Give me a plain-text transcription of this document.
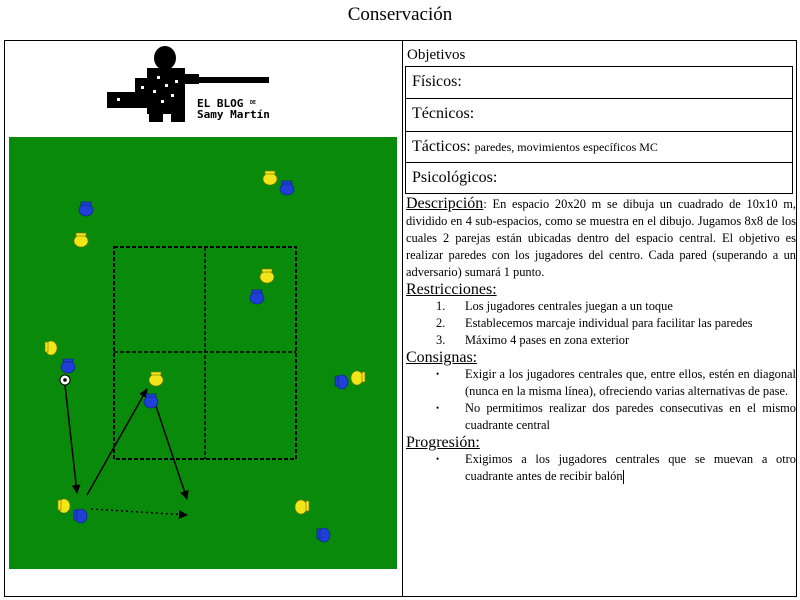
Conservación
EL BLOG $^{DE}$
Samy Martín
Objetivos
Físicos:
Técnicos:
Tácticos: paredes, movimientos específicos MC
Psicológicos:
Descripción: En espacio 20x20 m se dibuja un cuadrado de 10x10 m, dividido en 4 sub-espacios, como se muestra en el dibujo. Jugamos 8x8 de los cuales 2 parejas están ubicadas dentro del espacio central. El objetivo es realizar paredes con los jugadores del centro. Cada pared (superando a un adversario) sumará 1 punto.
Restricciones:
1. Los jugadores centrales juegan a un toque
2. Establecemos marcaje individual para facilitar las paredes
3. Máximo 4 pases en zona exterior
Consignas:
• Exigir a los jugadores centrales que, entre ellos, estén en diagonal (nunca en la misma línea), ofreciendo varias alternativas de pase.
• No permitimos realizar dos paredes consecutivas en el mismo cuadrante central
Progresión:
• Exigimos a los jugadores centrales que se muevan a otro cuadrante antes de recibir balón
